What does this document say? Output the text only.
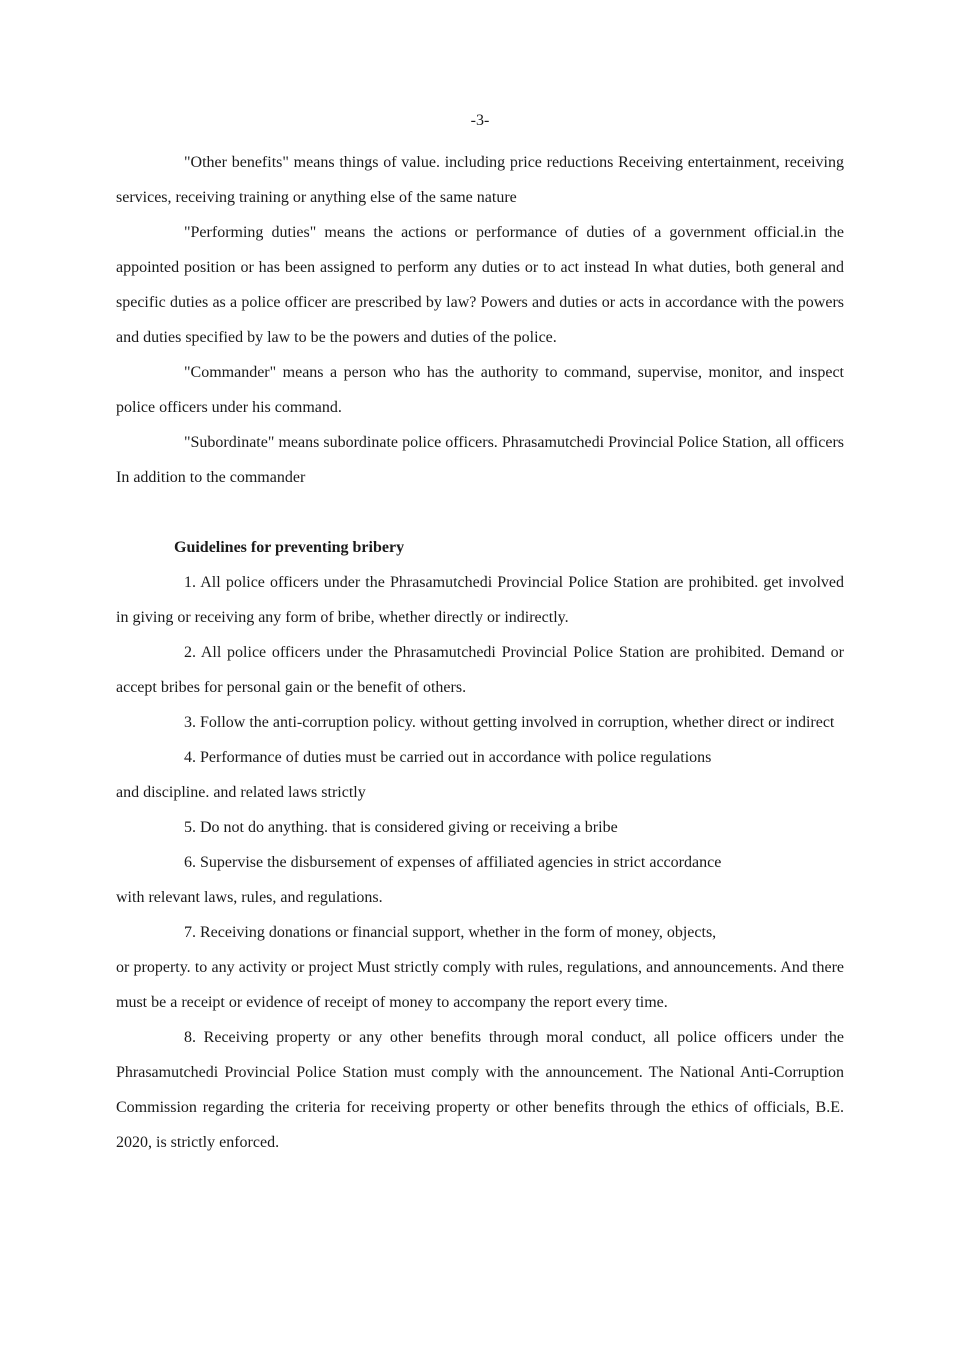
-3-

"Other benefits" means things of value. including price reductions Receiving entertainment, receiving services, receiving training or anything else of the same nature

"Performing duties" means the actions or performance of duties of a government official.in the appointed position or has been assigned to perform any duties or to act instead In what duties, both general and specific duties as a police officer are prescribed by law? Powers and duties or acts in accordance with the powers and duties specified by law to be the powers and duties of the police.

"Commander" means a person who has the authority to command, supervise, monitor, and inspect police officers under his command.

"Subordinate" means subordinate police officers. Phrasamutchedi Provincial Police Station, all officers In addition to the commander

Guidelines for preventing bribery

1. All police officers under the Phrasamutchedi Provincial Police Station are prohibited. get involved in giving or receiving any form of bribe, whether directly or indirectly.

2. All police officers under the Phrasamutchedi Provincial Police Station are prohibited. Demand or accept bribes for personal gain or the benefit of others.

3. Follow the anti-corruption policy. without getting involved in corruption, whether direct or indirect

4. Performance of duties must be carried out in accordance with police regulations
and discipline. and related laws strictly

5. Do not do anything. that is considered giving or receiving a bribe

6. Supervise the disbursement of expenses of affiliated agencies in strict accordance
with relevant laws, rules, and regulations.

7. Receiving donations or financial support, whether in the form of money, objects,
or property. to any activity or project Must strictly comply with rules, regulations, and announcements. And there must be a receipt or evidence of receipt of money to accompany the report every time.

8. Receiving property or any other benefits through moral conduct, all police officers under the Phrasamutchedi Provincial Police Station must comply with the announcement. The National Anti-Corruption Commission regarding the criteria for receiving property or other benefits through the ethics of officials, B.E. 2020, is strictly enforced.
